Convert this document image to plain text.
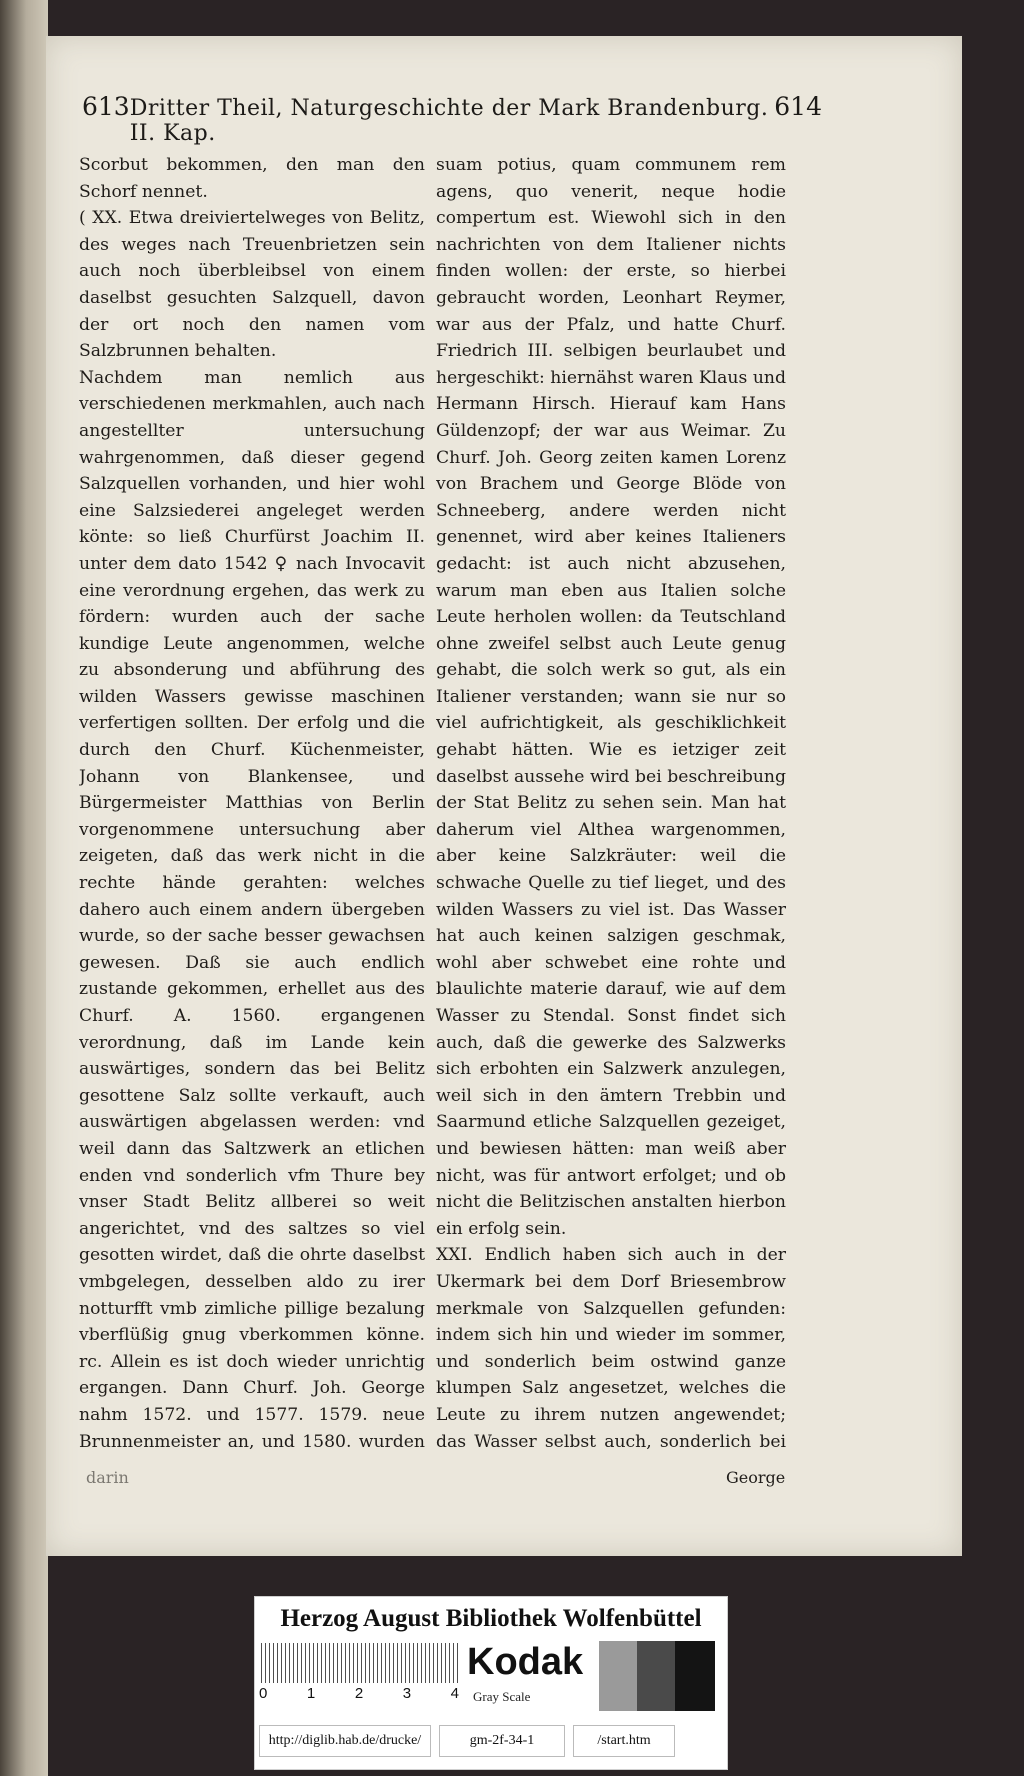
613 Dritter Theil, Naturgeschichte der Mark Brandenburg. II. Kap.
614

Scorbut bekommen, den man den Schorf nennet.

( XX. Etwa dreiviertelweges von Belitz, des weges nach Treuenbrietzen sein auch noch überbleibsel von einem daselbst gesuchten Salzquell, davon der ort noch den namen vom Salzbrunnen behalten.

Nachdem man nemlich aus verschiedenen merkmahlen, auch nach angestellter untersuchung wahrgenommen, daß dieser gegend Salzquellen vorhanden, und hier wohl eine Salzsiederei angeleget werden könte: so ließ Churfürst Joachim II. unter dem dato 1542 ♀ nach Invocavit eine verordnung ergehen, das werk zu fördern: wurden auch der sache kundige Leute angenommen, welche zu absonderung und abführung des wilden Wassers gewisse maschinen verfertigen sollten. Der erfolg und die durch den Churf. Küchenmeister, Johann von Blankensee, und Bürgermeister Matthias von Berlin vorgenommene untersuchung aber zeigeten, daß das werk nicht in die rechte hände gerahten: welches dahero auch einem andern übergeben wurde, so der sache besser gewachsen gewesen. Daß sie auch endlich zustande gekommen, erhellet aus des Churf. A. 1560. ergangenen verordnung, daß im Lande kein auswärtiges, sondern das bei Belitz gesottene Salz sollte verkauft, auch auswärtigen abgelassen werden: vnd weil dann das Saltzwerk an etlichen enden vnd sonderlich vfm Thure bey vnser Stadt Belitz allberei so weit angerichtet, vnd des saltzes so viel gesotten wirdet, daß die ohrte daselbst vmbgelegen, desselben aldo zu irer notturfft vmb zimliche pillige bezalung vberflüßig gnug vberkommen könne. rc. Allein es ist doch wieder unrichtig ergangen. Dann Churf. Joh. George nahm 1572. und 1577. 1579. neue Brunnenmeister an, und 1580. wurden

suam potius, quam communem rem agens, quo venerit, neque hodie compertum est. Wiewohl sich in den nachrichten von dem Italiener nichts finden wollen: der erste, so hierbei gebraucht worden, Leonhart Reymer, war aus der Pfalz, und hatte Churf. Friedrich III. selbigen beurlaubet und hergeschikt: hiernähst waren Klaus und Hermann Hirsch. Hierauf kam Hans Güldenzopf; der war aus Weimar. Zu Churf. Joh. Georg zeiten kamen Lorenz von Brachem und George Blöde von Schneeberg, andere werden nicht genennet, wird aber keines Italieners gedacht: ist auch nicht abzusehen, warum man eben aus Italien solche Leute herholen wollen: da Teutschland ohne zweifel selbst auch Leute genug gehabt, die solch werk so gut, als ein Italiener verstanden; wann sie nur so viel aufrichtigkeit, als geschiklichkeit gehabt hätten. Wie es ietziger zeit daselbst aussehe wird bei beschreibung der Stat Belitz zu sehen sein. Man hat daherum viel Althea wargenommen, aber keine Salzkräuter: weil die schwache Quelle zu tief lieget, und des wilden Wassers zu viel ist. Das Wasser hat auch keinen salzigen geschmak, wohl aber schwebet eine rohte und blaulichte materie darauf, wie auf dem Wasser zu Stendal. Sonst findet sich auch, daß die gewerke des Salzwerks sich erbohten ein Salzwerk anzulegen, weil sich in den ämtern Trebbin und Saarmund etliche Salzquellen gezeiget, und bewiesen hätten: man weiß aber nicht, was für antwort erfolget; und ob nicht die Belitzischen anstalten hierbon ein erfolg sein.

XXI. Endlich haben sich auch in der Ukermark bei dem Dorf Briesembrow merkmale von Salzquellen gefunden: indem sich hin und wieder im sommer, und sonderlich beim ostwind ganze klumpen Salz angesetzet, welches die Leute zu ihrem nutzen angewendet; das Wasser selbst auch, sonderlich bei

darin	George
Herzog August Bibliothek Wolfenbüttel
0	1	2	3	4
Kodak
Gray Scale
http://diglib.hab.de/drucke/	gm-2f-34-1	/start.htm
